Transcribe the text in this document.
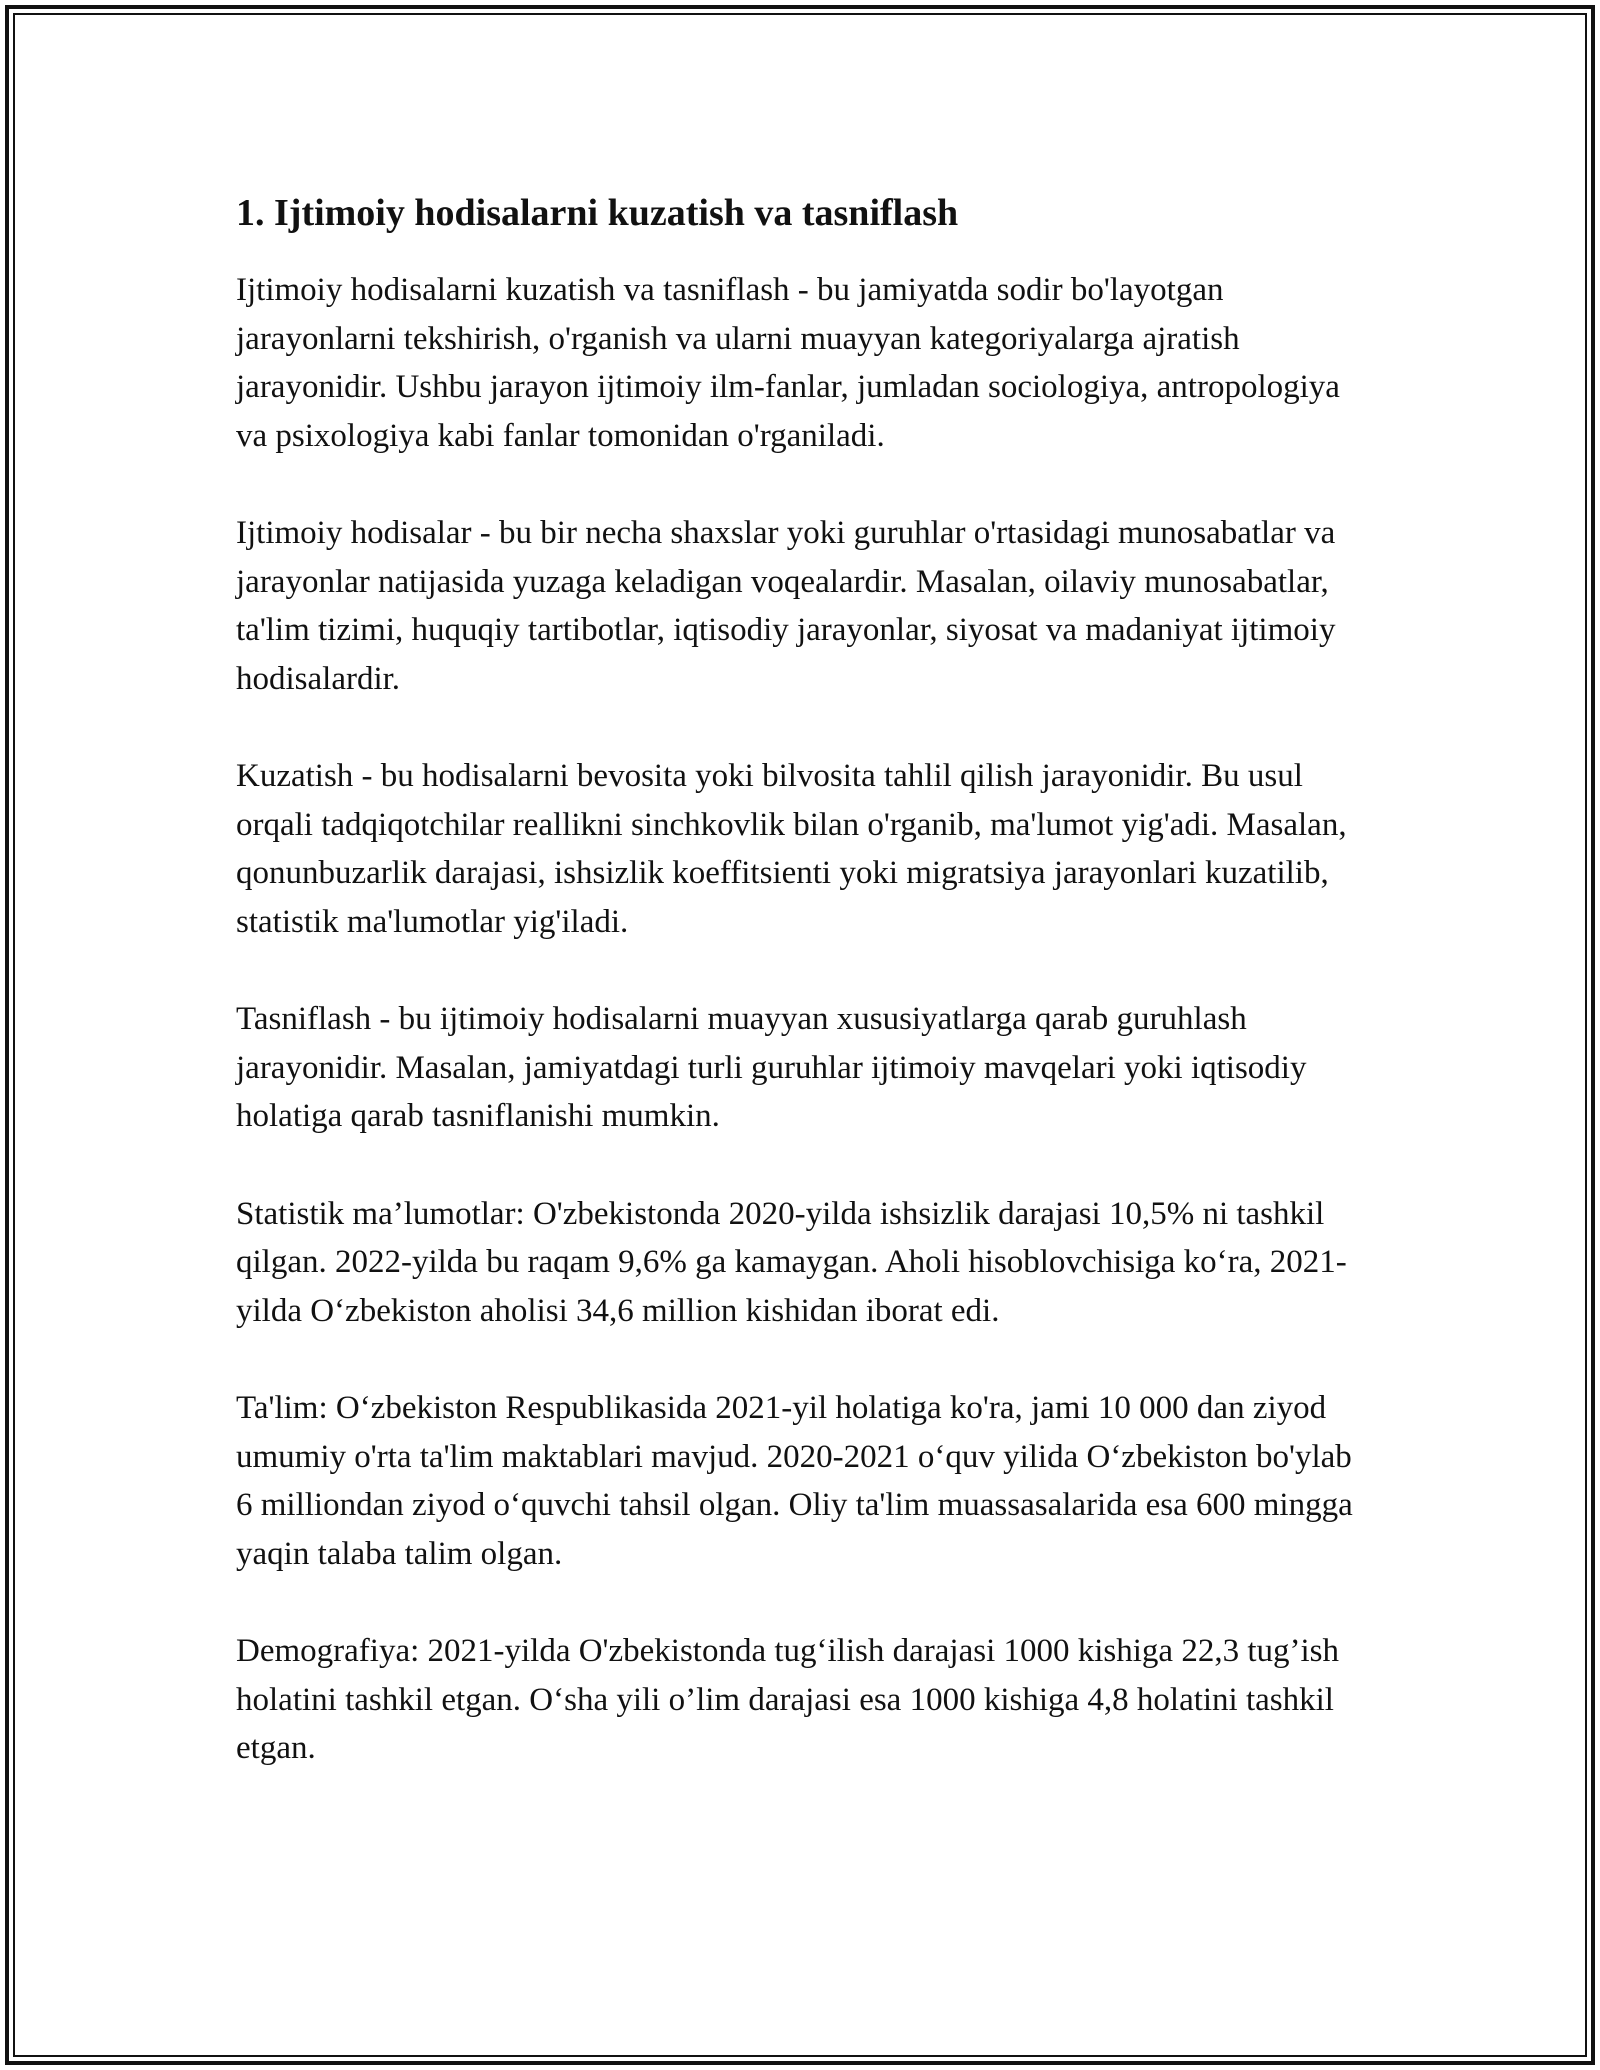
1. Ijtimoiy hodisalarni kuzatish va tasniflash

Ijtimoiy hodisalarni kuzatish va tasniflash - bu jamiyatda sodir bo'layotgan jarayonlarni tekshirish, o'rganish va ularni muayyan kategoriyalarga ajratish jarayonidir. Ushbu jarayon ijtimoiy ilm-fanlar, jumladan sociologiya, antropologiya va psixologiya kabi fanlar tomonidan o'rganiladi.

Ijtimoiy hodisalar - bu bir necha shaxslar yoki guruhlar o'rtasidagi munosabatlar va jarayonlar natijasida yuzaga keladigan voqealardir. Masalan, oilaviy munosabatlar, ta'lim tizimi, huquqiy tartibotlar, iqtisodiy jarayonlar, siyosat va madaniyat ijtimoiy hodisalardir.

Kuzatish - bu hodisalarni bevosita yoki bilvosita tahlil qilish jarayonidir. Bu usul orqali tadqiqotchilar reallikni sinchkovlik bilan o'rganib, ma'lumot yig'adi. Masalan, qonunbuzarlik darajasi, ishsizlik koeffitsienti yoki migratsiya jarayonlari kuzatilib, statistik ma'lumotlar yig'iladi.

Tasniflash - bu ijtimoiy hodisalarni muayyan xususiyatlarga qarab guruhlash jarayonidir. Masalan, jamiyatdagi turli guruhlar ijtimoiy mavqelari yoki iqtisodiy holatiga qarab tasniflanishi mumkin.

Statistik ma’lumotlar: O'zbekistonda 2020-yilda ishsizlik darajasi 10,5% ni tashkil qilgan. 2022-yilda bu raqam 9,6% ga kamaygan. Aholi hisoblovchisiga ko‘ra, 2021-yilda O‘zbekiston aholisi 34,6 million kishidan iborat edi.

Ta'lim: O‘zbekiston Respublikasida 2021-yil holatiga ko'ra, jami 10 000 dan ziyod umumiy o'rta ta'lim maktablari mavjud. 2020-2021 o‘quv yilida O‘zbekiston bo'ylab 6 milliondan ziyod o‘quvchi tahsil olgan. Oliy ta'lim muassasalarida esa 600 mingga yaqin talaba talim olgan.

Demografiya: 2021-yilda O'zbekistonda tug‘ilish darajasi 1000 kishiga 22,3 tug’ish holatini tashkil etgan. O‘sha yili o’lim darajasi esa 1000 kishiga 4,8 holatini tashkil etgan.
